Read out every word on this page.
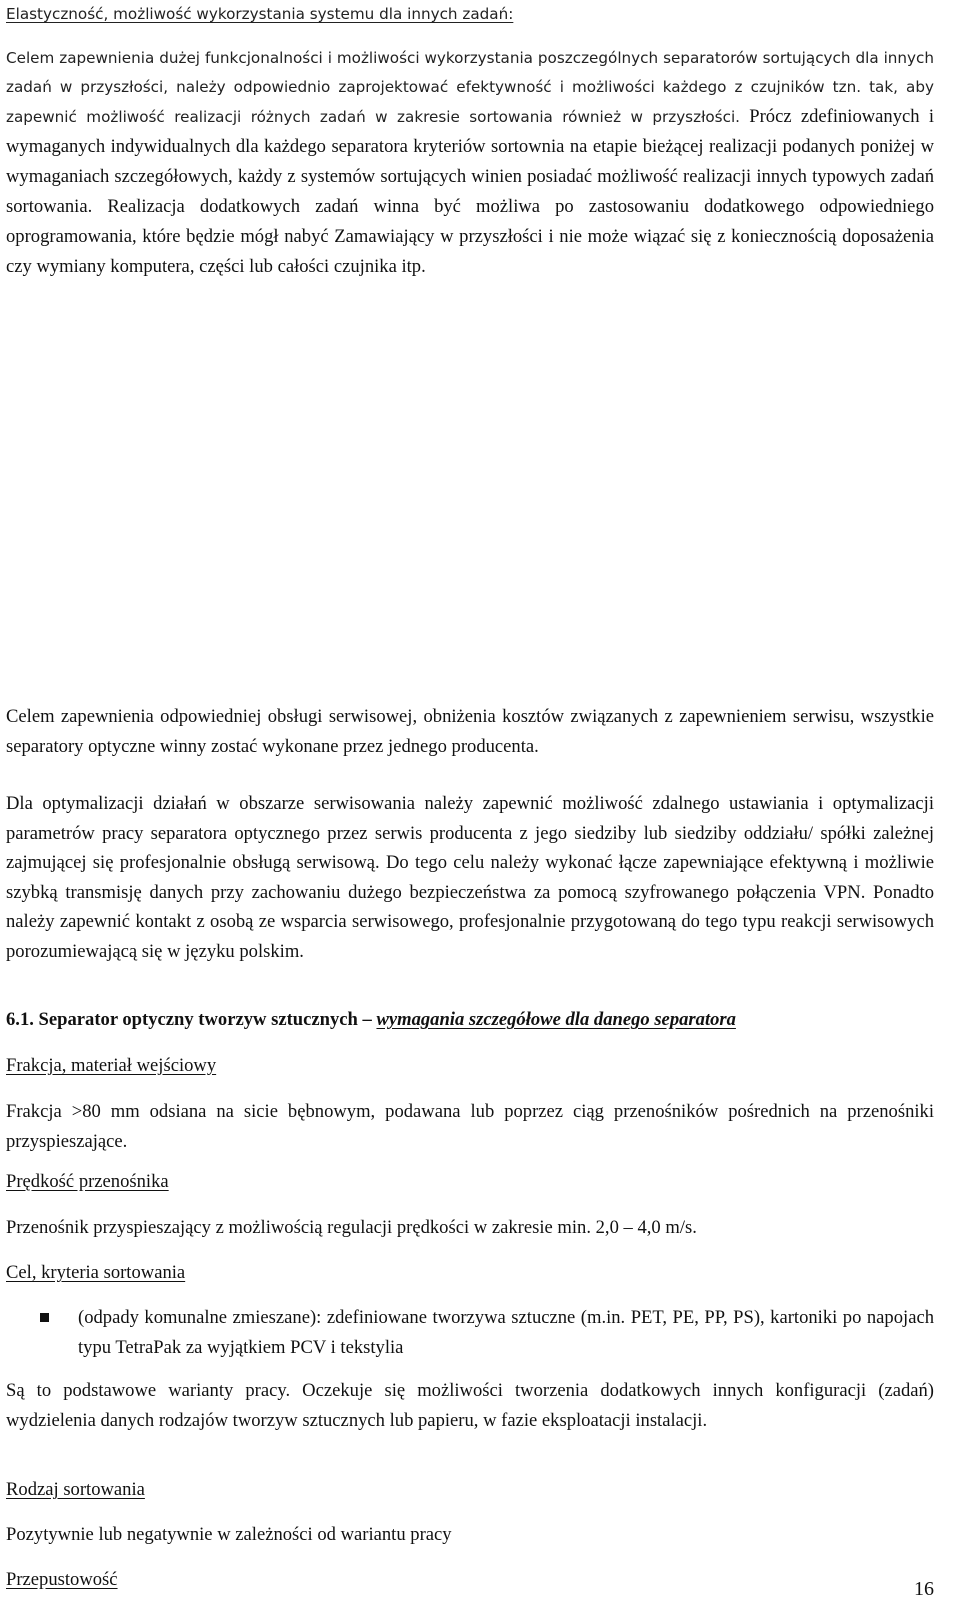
Elastyczność, możliwość wykorzystania systemu dla innych zadań:

Celem zapewnienia dużej funkcjonalności i możliwości wykorzystania poszczególnych separatorów sortujących dla innych zadań w przyszłości, należy odpowiednio zaprojektować efektywność i możliwości każdego z czujników tzn. tak, aby zapewnić możliwość realizacji różnych zadań w zakresie sortowania również w przyszłości. Prócz zdefiniowanych i wymaganych indywidualnych dla każdego separatora kryteriów sortownia na etapie bieżącej realizacji podanych poniżej w wymaganiach szczegółowych, każdy z systemów sortujących winien posiadać możliwość realizacji innych typowych zadań sortowania. Realizacja dodatkowych zadań winna być możliwa po zastosowaniu dodatkowego odpowiedniego oprogramowania, które będzie mógł nabyć Zamawiający w przyszłości i nie może wiązać się z koniecznością doposażenia czy wymiany komputera, części lub całości czujnika itp.

Celem zapewnienia odpowiedniej obsługi serwisowej, obniżenia kosztów związanych z zapewnieniem serwisu, wszystkie separatory optyczne winny zostać wykonane przez jednego producenta.

Dla optymalizacji działań w obszarze serwisowania należy zapewnić możliwość zdalnego ustawiania i optymalizacji parametrów pracy separatora optycznego przez serwis producenta z jego siedziby lub siedziby oddziału/ spółki zależnej zajmującej się profesjonalnie obsługą serwisową. Do tego celu należy wykonać łącze zapewniające efektywną i możliwie szybką transmisję danych przy zachowaniu dużego bezpieczeństwa za pomocą szyfrowanego połączenia VPN. Ponadto należy zapewnić kontakt z osobą ze wsparcia serwisowego, profesjonalnie przygotowaną do tego typu reakcji serwisowych porozumiewającą się w języku polskim.

6.1. Separator optyczny tworzyw sztucznych – wymagania szczegółowe dla danego separatora

Frakcja, materiał wejściowy

Frakcja >80 mm odsiana na sicie bębnowym, podawana lub poprzez ciąg przenośników pośrednich na przenośniki przyspieszające.

Prędkość przenośnika

Przenośnik przyspieszający z możliwością regulacji prędkości w zakresie min. 2,0 – 4,0 m/s.

Cel, kryteria sortowania

(odpady komunalne zmieszane): zdefiniowane tworzywa sztuczne (m.in. PET, PE, PP, PS), kartoniki po napojach typu TetraPak za wyjątkiem PCV i tekstylia

Są to podstawowe warianty pracy. Oczekuje się możliwości tworzenia dodatkowych innych konfiguracji (zadań) wydzielenia danych rodzajów tworzyw sztucznych lub papieru, w fazie eksploatacji instalacji.

Rodzaj sortowania

Pozytywnie lub negatywnie w zależności od wariantu pracy

Przepustowość	16
